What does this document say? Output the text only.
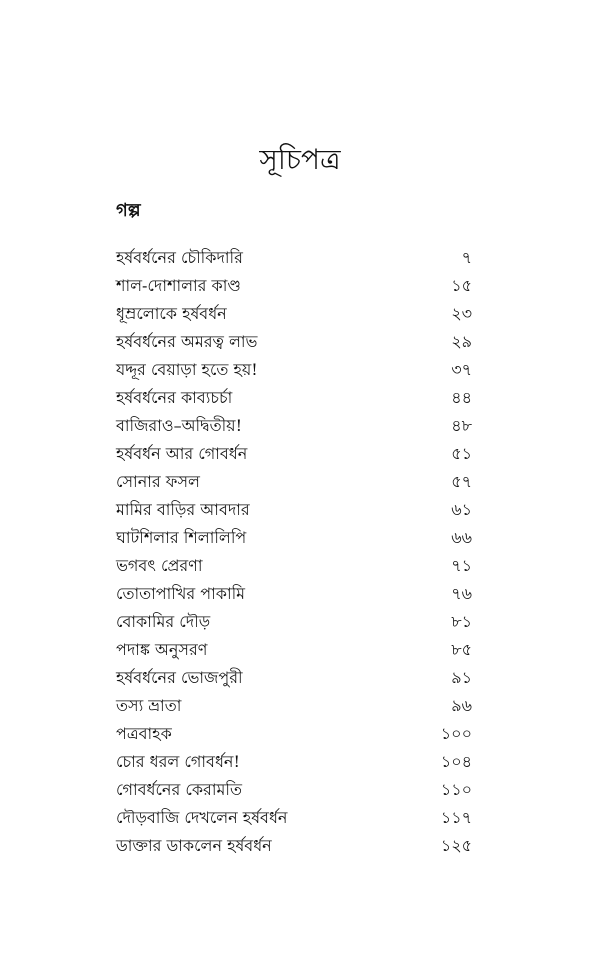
সূচিপত্র
গল্প
হর্ষবর্ধনের চৌকিদারি	৭
শাল-দোশালার কাণ্ড	১৫
ধূম্রলোকে হর্ষবর্ধন	২৩
হর্ষবর্ধনের অমরত্ব লাভ	২৯
যদ্দূর বেয়াড়া হতে হয়!	৩৭
হর্ষবর্ধনের কাব্যচর্চা	৪৪
বাজিরাও–অদ্বিতীয়!	৪৮
হর্ষবর্ধন আর গোবর্ধন	৫১
সোনার ফসল	৫৭
মামির বাড়ির আবদার	৬১
ঘাটশিলার শিলালিপি	৬৬
ভগবৎ প্রেরণা	৭১
তোতাপাখির পাকামি	৭৬
বোকামির দৌড়	৮১
পদাঙ্ক অনুসরণ	৮৫
হর্ষবর্ধনের ভোজপুরী	৯১
তস্য ভ্রাতা	৯৬
পত্রবাহক	১০০
চোর ধরল গোবর্ধন!	১০৪
গোবর্ধনের কেরামতি	১১০
দৌড়বাজি দেখলেন হর্ষবর্ধন	১১৭
ডাক্তার ডাকলেন হর্ষবর্ধন	১২৫
